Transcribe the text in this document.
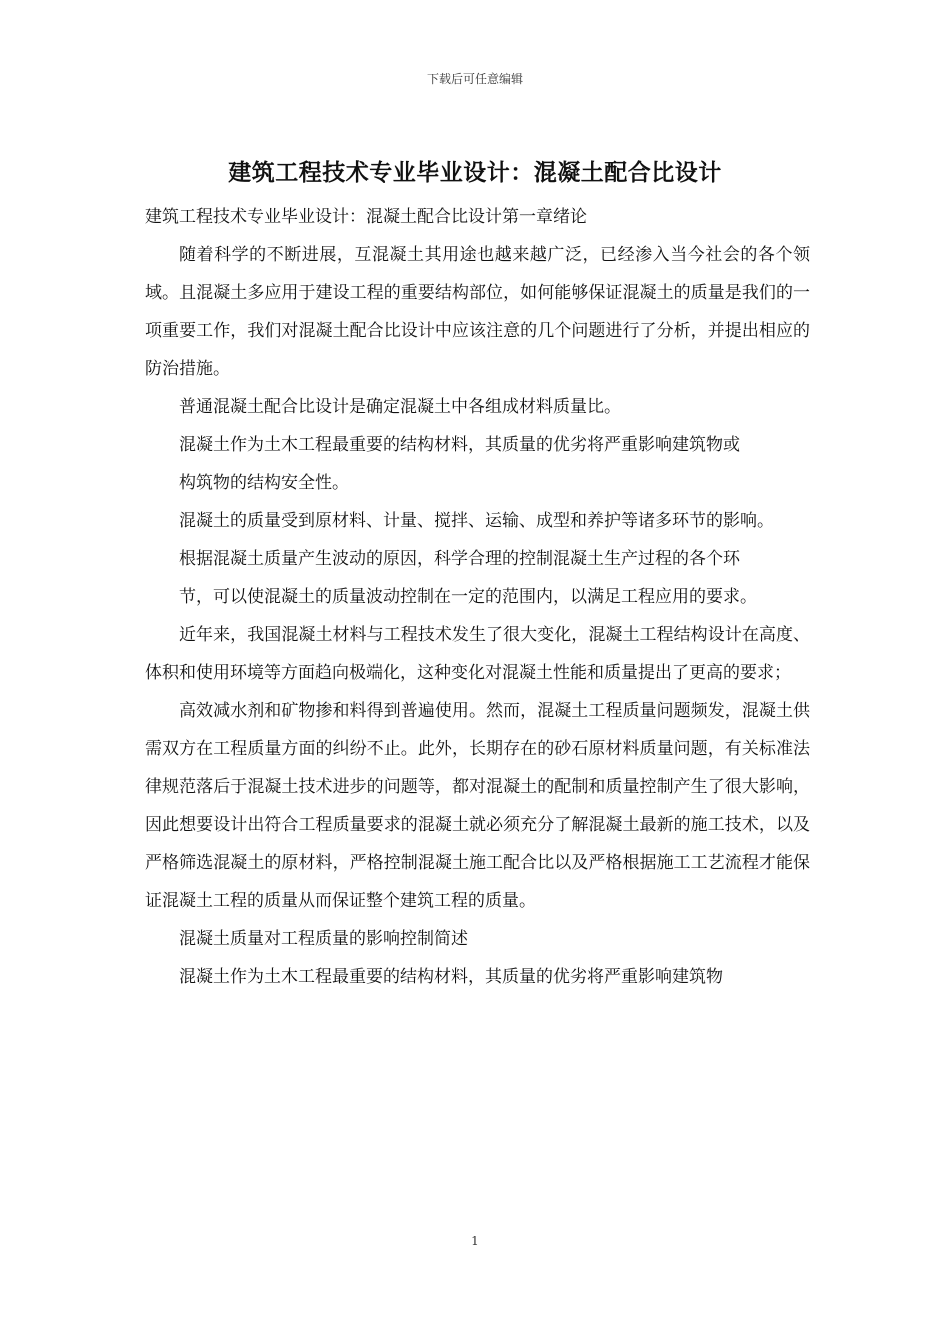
下载后可任意编辑
建筑工程技术专业毕业设计：混凝土配合比设计

建筑工程技术专业毕业设计：混凝土配合比设计第一章绪论

随着科学的不断进展，互混凝土其用途也越来越广泛，已经渗入当今社会的各个领域。且混凝土多应用于建设工程的重要结构部位，如何能够保证混凝土的质量是我们的一项重要工作，我们对混凝土配合比设计中应该注意的几个问题进行了分析，并提出相应的防治措施。

普通混凝土配合比设计是确定混凝土中各组成材料质量比。

混凝土作为土木工程最重要的结构材料，其质量的优劣将严重影响建筑物或

构筑物的结构安全性。

混凝土的质量受到原材料、计量、搅拌、运输、成型和养护等诸多环节的影响。

根据混凝土质量产生波动的原因，科学合理的控制混凝土生产过程的各个环

节，可以使混凝土的质量波动控制在一定的范围内，以满足工程应用的要求。

近年来，我国混凝土材料与工程技术发生了很大变化，混凝土工程结构设计在高度、体积和使用环境等方面趋向极端化，这种变化对混凝土性能和质量提出了更高的要求；

高效减水剂和矿物掺和料得到普遍使用。然而，混凝土工程质量问题频发，混凝土供需双方在工程质量方面的纠纷不止。此外，长期存在的砂石原材料质量问题，有关标准法律规范落后于混凝土技术进步的问题等，都对混凝土的配制和质量控制产生了很大影响，因此想要设计出符合工程质量要求的混凝土就必须充分了解混凝土最新的施工技术，以及严格筛选混凝土的原材料，严格控制混凝土施工配合比以及严格根据施工工艺流程才能保证混凝土工程的质量从而保证整个建筑工程的质量。

混凝土质量对工程质量的影响控制简述

混凝土作为土木工程最重要的结构材料，其质量的优劣将严重影响建筑物

1
